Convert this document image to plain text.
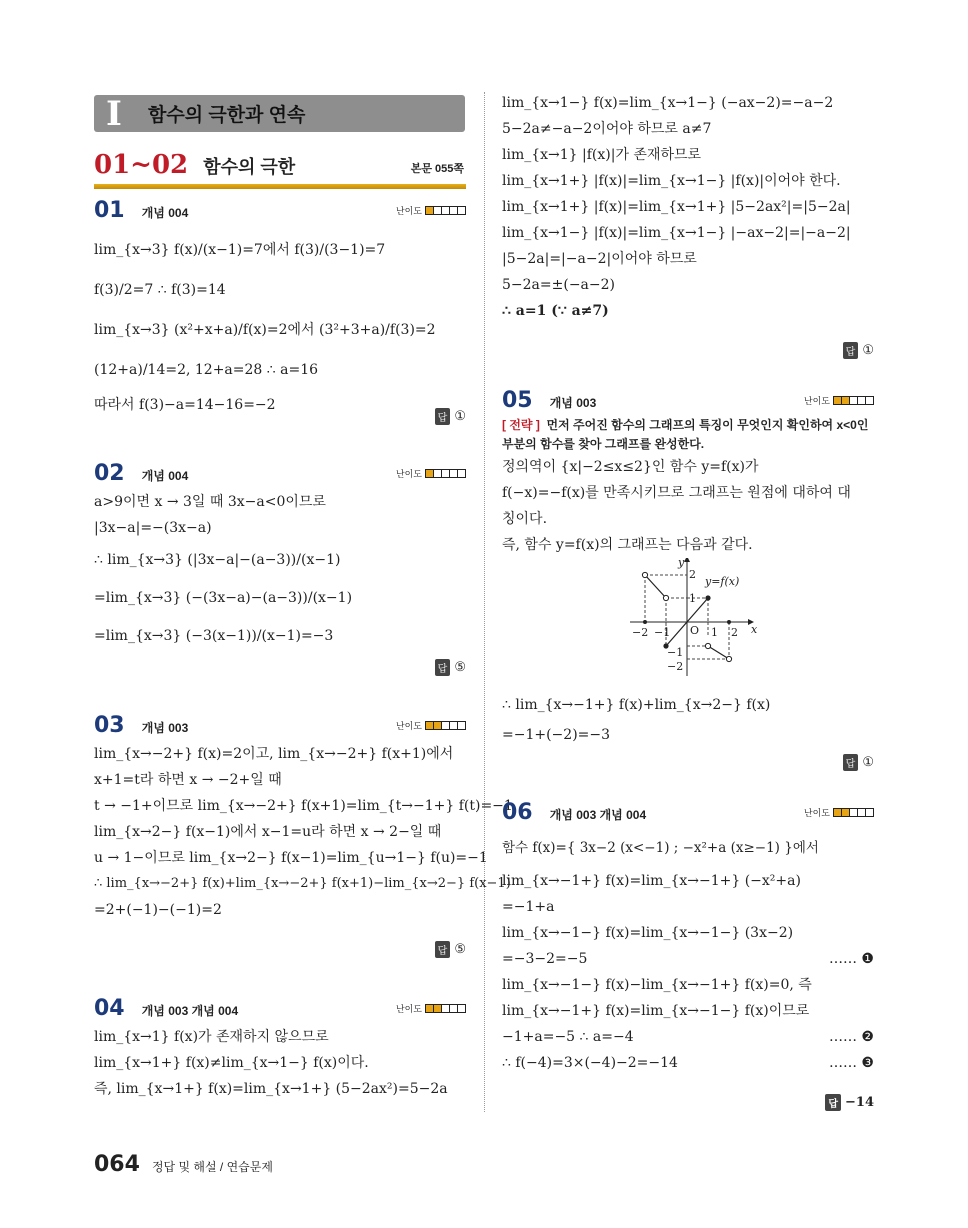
I	함수의 극한과 연속
01~02 함수의 극한	본문 055쪽
01 개념 004	난이도
lim_{x→3} f(x)/(x−1)=7에서 f(3)/(3−1)=7
f(3)/2=7 ∴ f(3)=14
lim_{x→3} (x²+x+a)/f(x)=2에서 (3²+3+a)/f(3)=2
(12+a)/14=2, 12+a=28 ∴ a=16
따라서 f(3)−a=14−16=−2
답 ①
02 개념 004	난이도
a>9이면 x → 3일 때 3x−a<0이므로
|3x−a|=−(3x−a)
∴ lim_{x→3} (|3x−a|−(a−3))/(x−1)
=lim_{x→3} (−(3x−a)−(a−3))/(x−1)
=lim_{x→3} (−3(x−1))/(x−1)=−3
답 ⑤
03 개념 003	난이도
lim_{x→−2+} f(x)=2이고, lim_{x→−2+} f(x+1)에서
x+1=t라 하면 x → −2+일 때
t → −1+이므로 lim_{x→−2+} f(x+1)=lim_{t→−1+} f(t)=−1
lim_{x→2−} f(x−1)에서 x−1=u라 하면 x → 2−일 때
u → 1−이므로 lim_{x→2−} f(x−1)=lim_{u→1−} f(u)=−1
∴ lim_{x→−2+} f(x)+lim_{x→−2+} f(x+1)−lim_{x→2−} f(x−1)
=2+(−1)−(−1)=2
답 ⑤
04 개념 003 개념 004	난이도
lim_{x→1} f(x)가 존재하지 않으므로
lim_{x→1+} f(x)≠lim_{x→1−} f(x)이다.
즉, lim_{x→1+} f(x)=lim_{x→1+} (5−2ax²)=5−2a
lim_{x→1−} f(x)=lim_{x→1−} (−ax−2)=−a−2
5−2a≠−a−2이어야 하므로 a≠7
lim_{x→1} |f(x)|가 존재하므로
lim_{x→1+} |f(x)|=lim_{x→1−} |f(x)|이어야 한다.
lim_{x→1+} |f(x)|=lim_{x→1+} |5−2ax²|=|5−2a|
lim_{x→1−} |f(x)|=lim_{x→1−} |−ax−2|=|−a−2|
|5−2a|=|−a−2|이어야 하므로
5−2a=±(−a−2)
∴ a=1 (∵ a≠7)
답 ①
05 개념 003	난이도
[ 전략 ] 먼저 주어진 함수의 그래프의 특징이 무엇인지 확인하여 x<0인 부분의 함수를 찾아 그래프를 완성한다.
정의역이 {x|−2≤x≤2}인 함수 y=f(x)가
f(−x)=−f(x)를 만족시키므로 그래프는 원점에 대하여 대
칭이다.
즉, 함수 y=f(x)의 그래프는 다음과 같다.
y
x
y=f(x)
O
−2 −1	1 2
2
1
−1
−2
∴ lim_{x→−1+} f(x)+lim_{x→2−} f(x)
=−1+(−2)=−3
답 ①
06 개념 003 개념 004	난이도
함수 f(x)={ 3x−2 (x<−1) ; −x²+a (x≥−1) }에서
lim_{x→−1+} f(x)=lim_{x→−1+} (−x²+a)
=−1+a
lim_{x→−1−} f(x)=lim_{x→−1−} (3x−2)
=−3−2=−5	…… ❶
lim_{x→−1−} f(x)−lim_{x→−1+} f(x)=0, 즉
lim_{x→−1+} f(x)=lim_{x→−1−} f(x)이므로
−1+a=−5 ∴ a=−4	…… ❷
∴ f(−4)=3×(−4)−2=−14	…… ❸
답 −14
064 정답 및 해설 / 연습문제
